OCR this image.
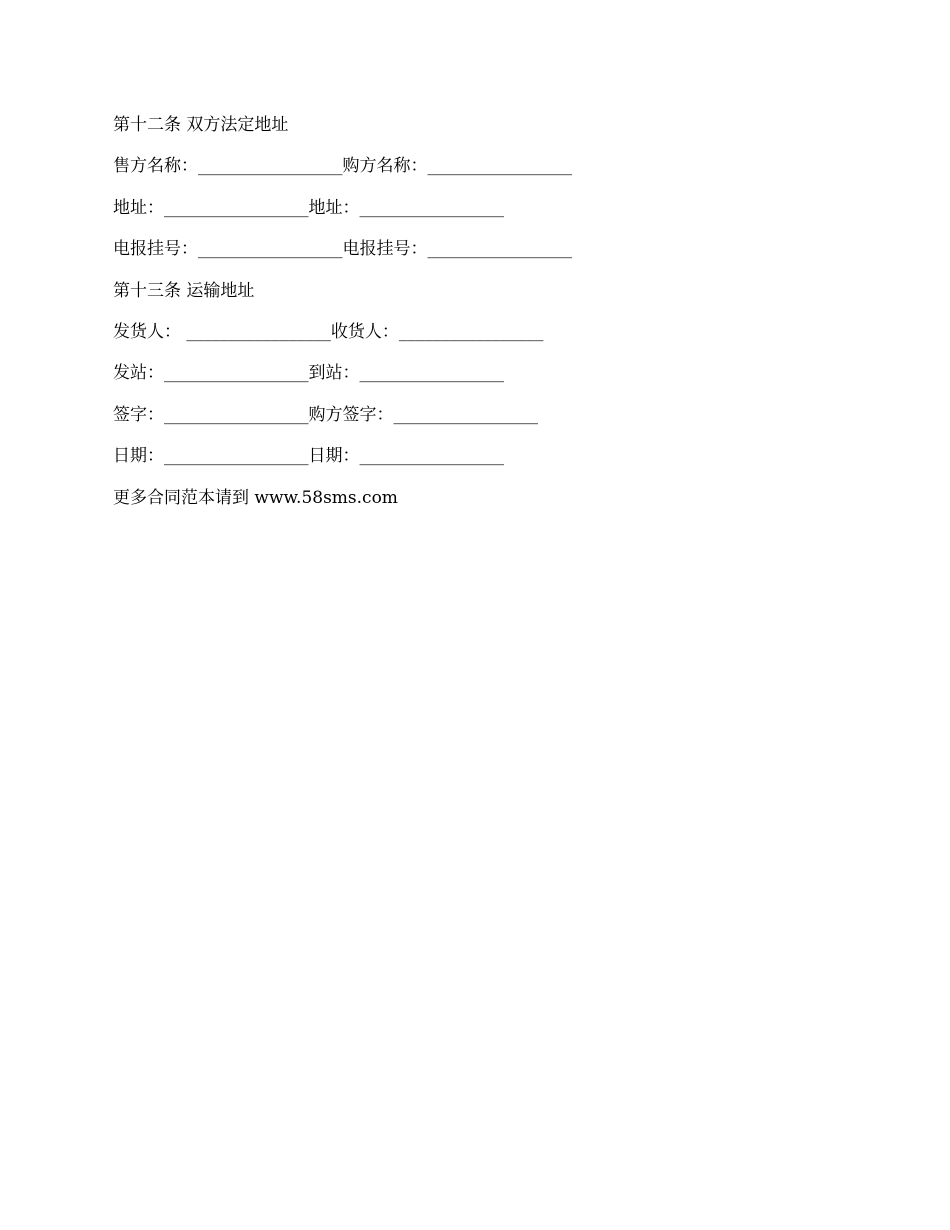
第十二条 双方法定地址
售方名称：_________________购方名称：_________________
地址：_________________地址：_________________
电报挂号：_________________电报挂号：_________________
第十三条 运输地址
发货人： _________________收货人：_________________
发站：_________________到站：_________________
签字：_________________购方签字：_________________
日期：_________________日期：_________________
更多合同范本请到 www.58sms.com
